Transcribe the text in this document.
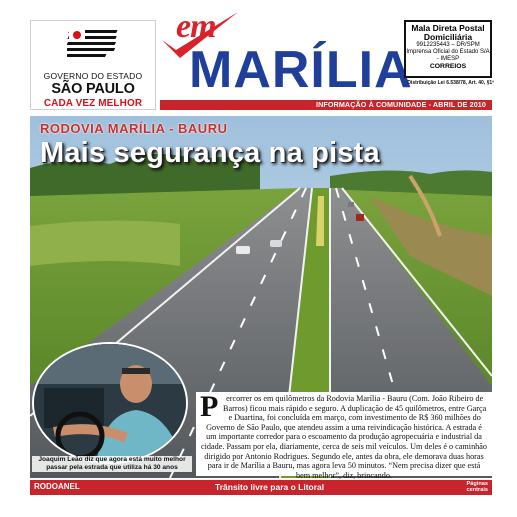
GOVERNO DO ESTADO
SÃO PAULO
CADA VEZ MELHOR
em
MARÍLIA
Mala Direta Postal Domiciliária
9912235443 – DR/SPM
Imprensa Oficial do Estado S/A - IMESP
CORREIOS
Distribuição Lei 6.538/78, Art. 40, §1º
INFORMAÇÃO À COMUNIDADE - ABRIL DE 2010
RODOVIA MARÍLIA - BAURU
Mais segurança na pista
Joaquim Leão diz que agora está muito melhor passar pela estrada que utiliza há 30 anos
P ercorrer os em quilômetros da Rodovia Marília - Bauru (Com. João Ribeiro de Barros) ficou mais rápido e seguro. A duplicação de 45 quilômetros, entre Garça e Duartina, foi concluída em março, com investimento de R$ 360 milhões do Governo de São Paulo, que atendeu assim a uma reivindicação histórica. A estrada é um importante corredor para o escoamento da produção agropecuária e industrial da cidade. Passam por ela, diariamente, cerca de seis mil veículos. Um deles é o caminhão dirigido por Antonio Rodrigues. Segundo ele, antes da obra, ele demorava duas horas para ir de Marília a Bauru, mas agora leva 50 minutos. “Nem precisa dizer que está bem melhor”, diz, brincando.

RODOANEL	Trânsito livre para o Litoral	Páginas
centrais
